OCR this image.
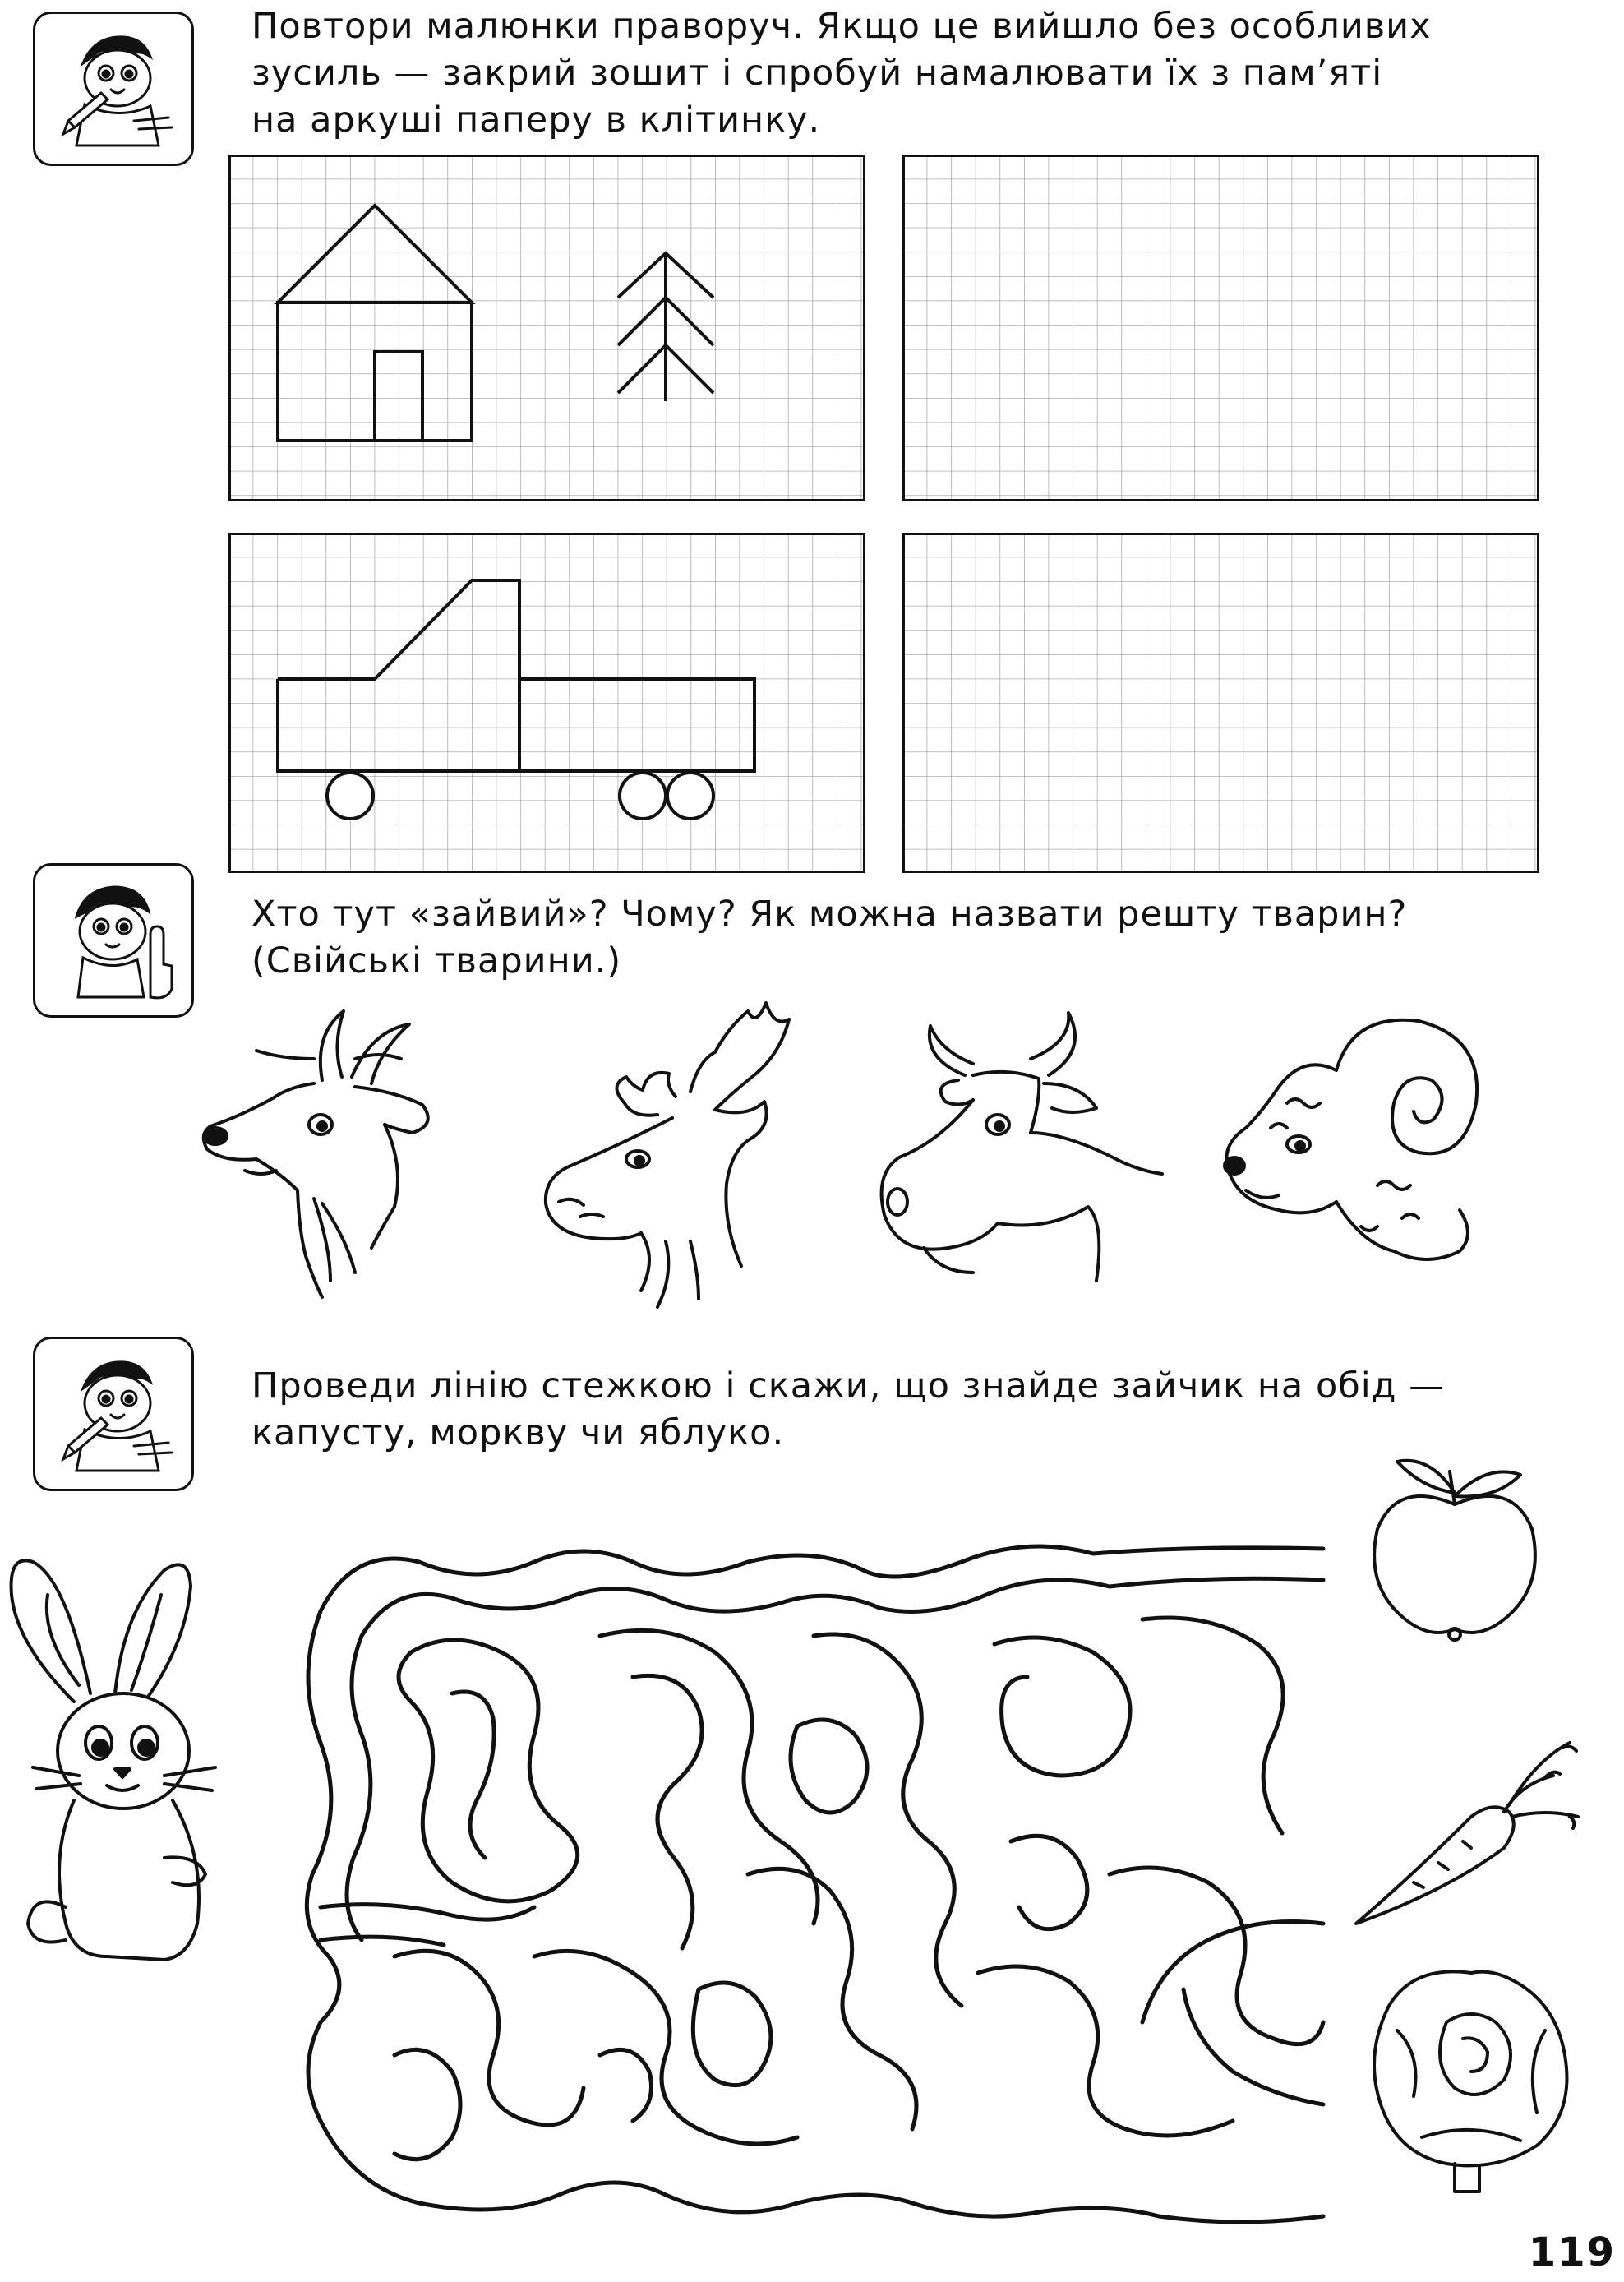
Повтори малюнки праворуч. Якщо це вийшло без особливих
зусиль — закрий зошит і спробуй намалювати їх з пам’яті
на аркуші паперу в клітинку.
Хто тут «зайвий»? Чому? Як можна назвати решту тварин?
(Свійські тварини.)
Проведи лінію стежкою і скажи, що знайде зайчик на обід —
капусту, моркву чи яблуко.
119
